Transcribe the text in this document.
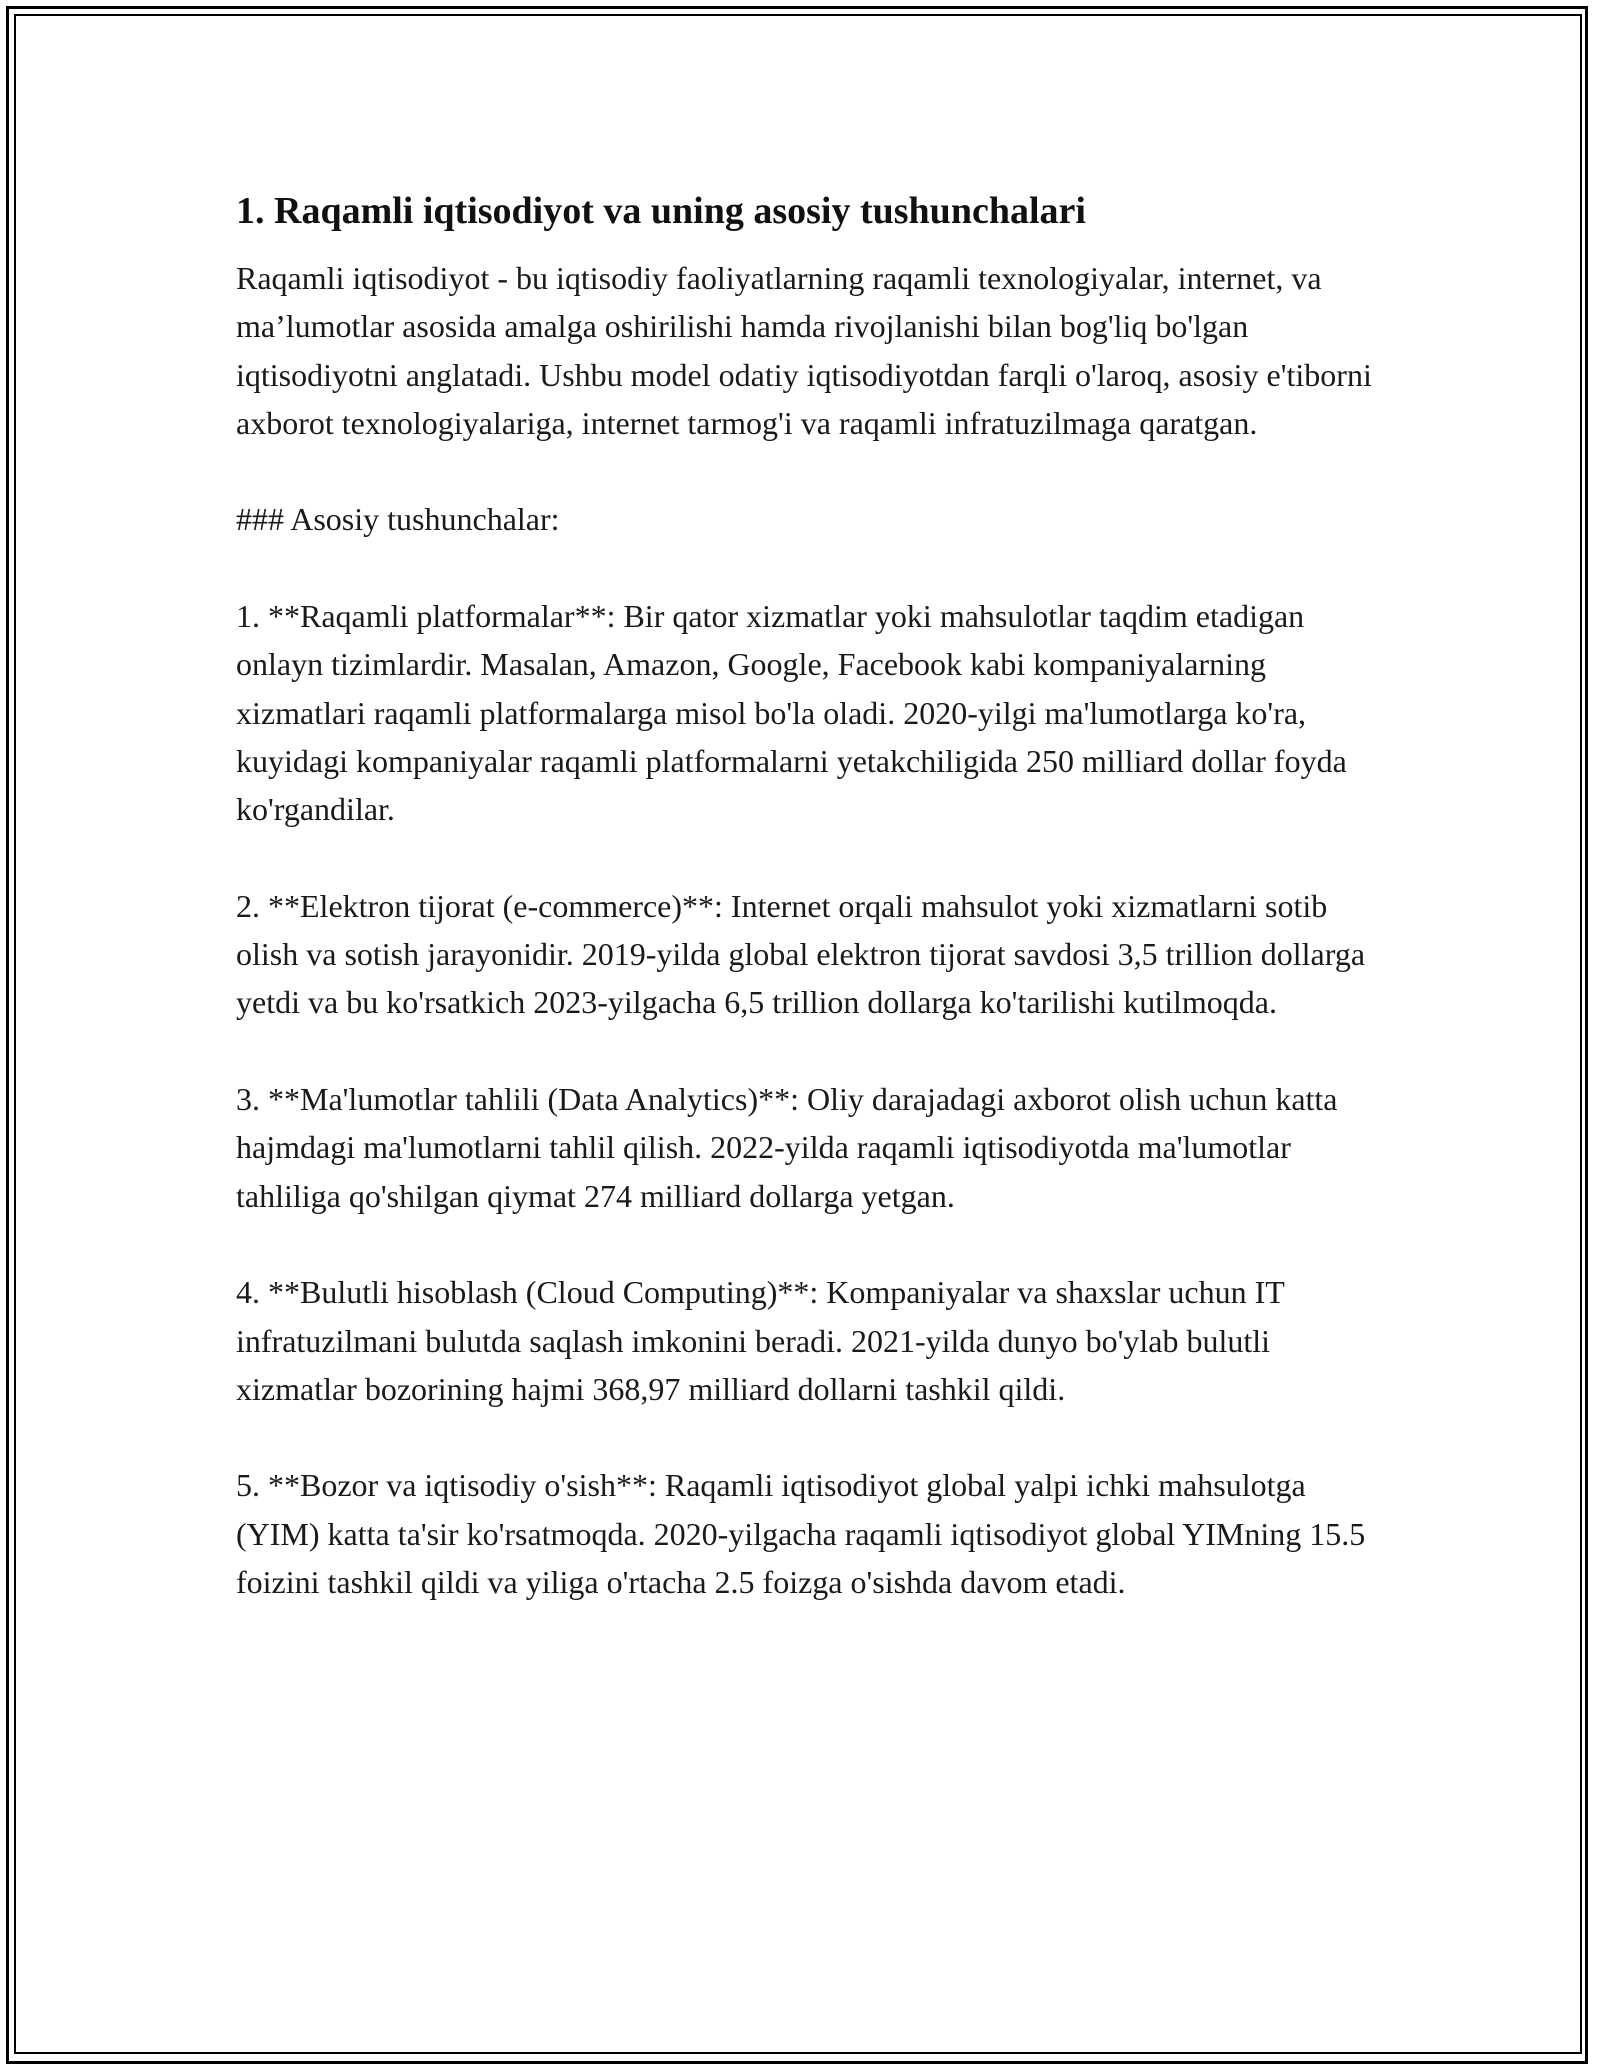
1. Raqamli iqtisodiyot va uning asosiy tushunchalari

Raqamli iqtisodiyot - bu iqtisodiy faoliyatlarning raqamli texnologiyalar, internet, va ma’lumotlar asosida amalga oshirilishi hamda rivojlanishi bilan bog'liq bo'lgan iqtisodiyotni anglatadi. Ushbu model odatiy iqtisodiyotdan farqli o'laroq, asosiy e'tiborni axborot texnologiyalariga, internet tarmog'i va raqamli infratuzilmaga qaratgan.

### Asosiy tushunchalar:

1. **Raqamli platformalar**: Bir qator xizmatlar yoki mahsulotlar taqdim etadigan onlayn tizimlardir. Masalan, Amazon, Google, Facebook kabi kompaniyalarning xizmatlari raqamli platformalarga misol bo'la oladi. 2020-yilgi ma'lumotlarga ko'ra, kuyidagi kompaniyalar raqamli platformalarni yetakchiligida 250 milliard dollar foyda ko'rgandilar.

2. **Elektron tijorat (e-commerce)**: Internet orqali mahsulot yoki xizmatlarni sotib olish va sotish jarayonidir. 2019-yilda global elektron tijorat savdosi 3,5 trillion dollarga yetdi va bu ko'rsatkich 2023-yilgacha 6,5 trillion dollarga ko'tarilishi kutilmoqda.

3. **Ma'lumotlar tahlili (Data Analytics)**: Oliy darajadagi axborot olish uchun katta hajmdagi ma'lumotlarni tahlil qilish. 2022-yilda raqamli iqtisodiyotda ma'lumotlar tahliliga qo'shilgan qiymat 274 milliard dollarga yetgan.

4. **Bulutli hisoblash (Cloud Computing)**: Kompaniyalar va shaxslar uchun IT infratuzilmani bulutda saqlash imkonini beradi. 2021-yilda dunyo bo'ylab bulutli xizmatlar bozorining hajmi 368,97 milliard dollarni tashkil qildi.

5. **Bozor va iqtisodiy o'sish**: Raqamli iqtisodiyot global yalpi ichki mahsulotga (YIM) katta ta'sir ko'rsatmoqda. 2020-yilgacha raqamli iqtisodiyot global YIMning 15.5 foizini tashkil qildi va yiliga o'rtacha 2.5 foizga o'sishda davom etadi.
